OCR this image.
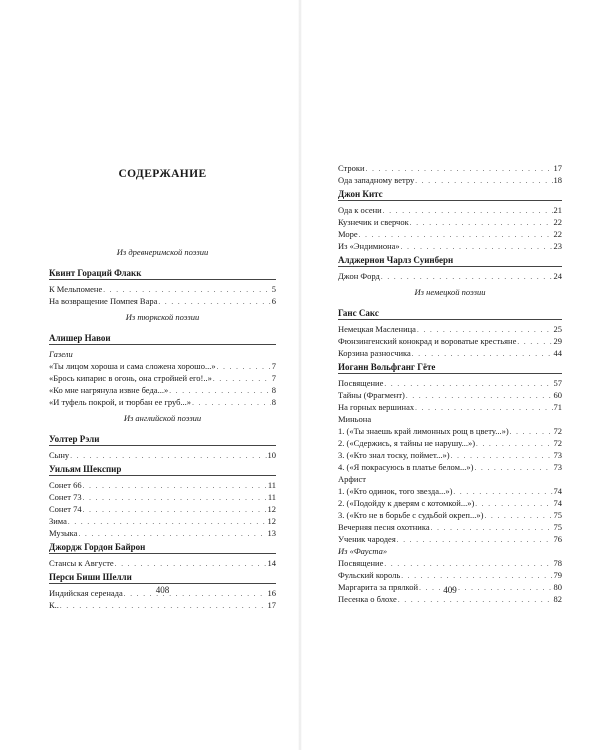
СОДЕРЖАНИЕ
Из древнеримской поэзии
Квинт Гораций Флакк
К Мельпомене . . .	5
На возвращение Помпея Вара . . .	6
Из тюркской поэзии
Алишер Навои
Газели
«Ты лицом хороша и сама сложена хорошо...» . . .	7
«Брось кипарис в огонь, она стройней его!..» . . .	7
«Ко мне нагрянула извне беда...» . . .	8
«И туфель покрой, и тюрбан ее груб...» . . .	8
Из английской поэзии
Уолтер Рэли
Сыну . . .	10
Уильям Шекспир
Сонет 66 . . .	11
Сонет 73 . . .	11
Сонет 74 . . .	12
Зима . . .	12
Музыка . . .	13
Джордж Гордон Байрон
Стансы к Августе . . .	14
Перси Биши Шелли
Индийская серенада . . .	16
К.. . . .	17
408
Строки . . .	17
Ода западному ветру . . .	18
Джон Китс
Ода к осени . . .	21
Кузнечик и сверчок . . .	22
Море . . .	22
Из «Эндимиона» . . .	23
Алджернон Чарлз Суинберн
Джон Форд . . .	24
Из немецкой поэзии
Ганс Сакс
Немецкая Масленица . . .	25
Фюнзингенский конокрад и вороватые крестьяне . . .	29
Корзина разносчика . . .	44
Иоганн Вольфганг Гёте
Посвящение . . .	57
Тайны (Фрагмент) . . .	60
На горных вершинах . . .	71
Миньона
1. («Ты знаешь край лимонных рощ в цвету...») . . .	72
2. («Сдержись, я тайны не нарушу...») . . .	72
3. («Кто знал тоску, поймет...») . . .	73
4. («Я покрасуюсь в платье белом...») . . .	73
Арфист
1. («Кто одинок, того звезда...») . . .	74
2. («Подойду к дверям с котомкой...») . . .	74
3. («Кто не в борьбе с судьбой окреп...») . . .	75
Вечерняя песня охотника . . .	75
Ученик чародея . . .	76
Из «Фауста»
Посвящение . . .	78
Фульский король . . .	79
Маргарита за прялкой . . .	80
Песенка о блохе . . .	82
409
